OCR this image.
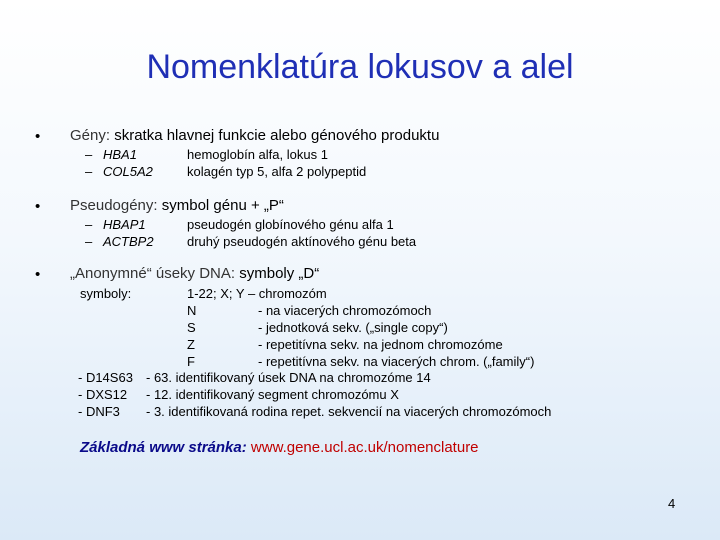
Nomenklatúra lokusov a alel
• Gény: skratka hlavnej funkcie alebo génového produktu
– HBA1	hemoglobín alfa, lokus 1
– COL5A2	kolagén typ 5, alfa 2 polypeptid
• Pseudogény: symbol génu + „P“
– HBAP1	pseudogén globínového génu alfa 1
– ACTBP2	druhý pseudogén aktínového génu beta
• „Anonymné“ úseky DNA: symboly „D“
symboly:	1-22; X; Y – chromozóm
N	- na viacerých chromozómoch
S	- jednotková sekv. („single copy“)
Z	- repetitívna sekv. na jednom chromozóme
F	- repetitívna sekv. na viacerých chrom. („family“)
- D14S63 - 63. identifikovaný úsek DNA na chromozóme 14
- DXS12 - 12. identifikovaný segment chromozómu X
- DNF3 - 3. identifikovaná rodina repet. sekvencií na viacerých chromozómoch
Základná www stránka: www.gene.ucl.ac.uk/nomenclature
4
